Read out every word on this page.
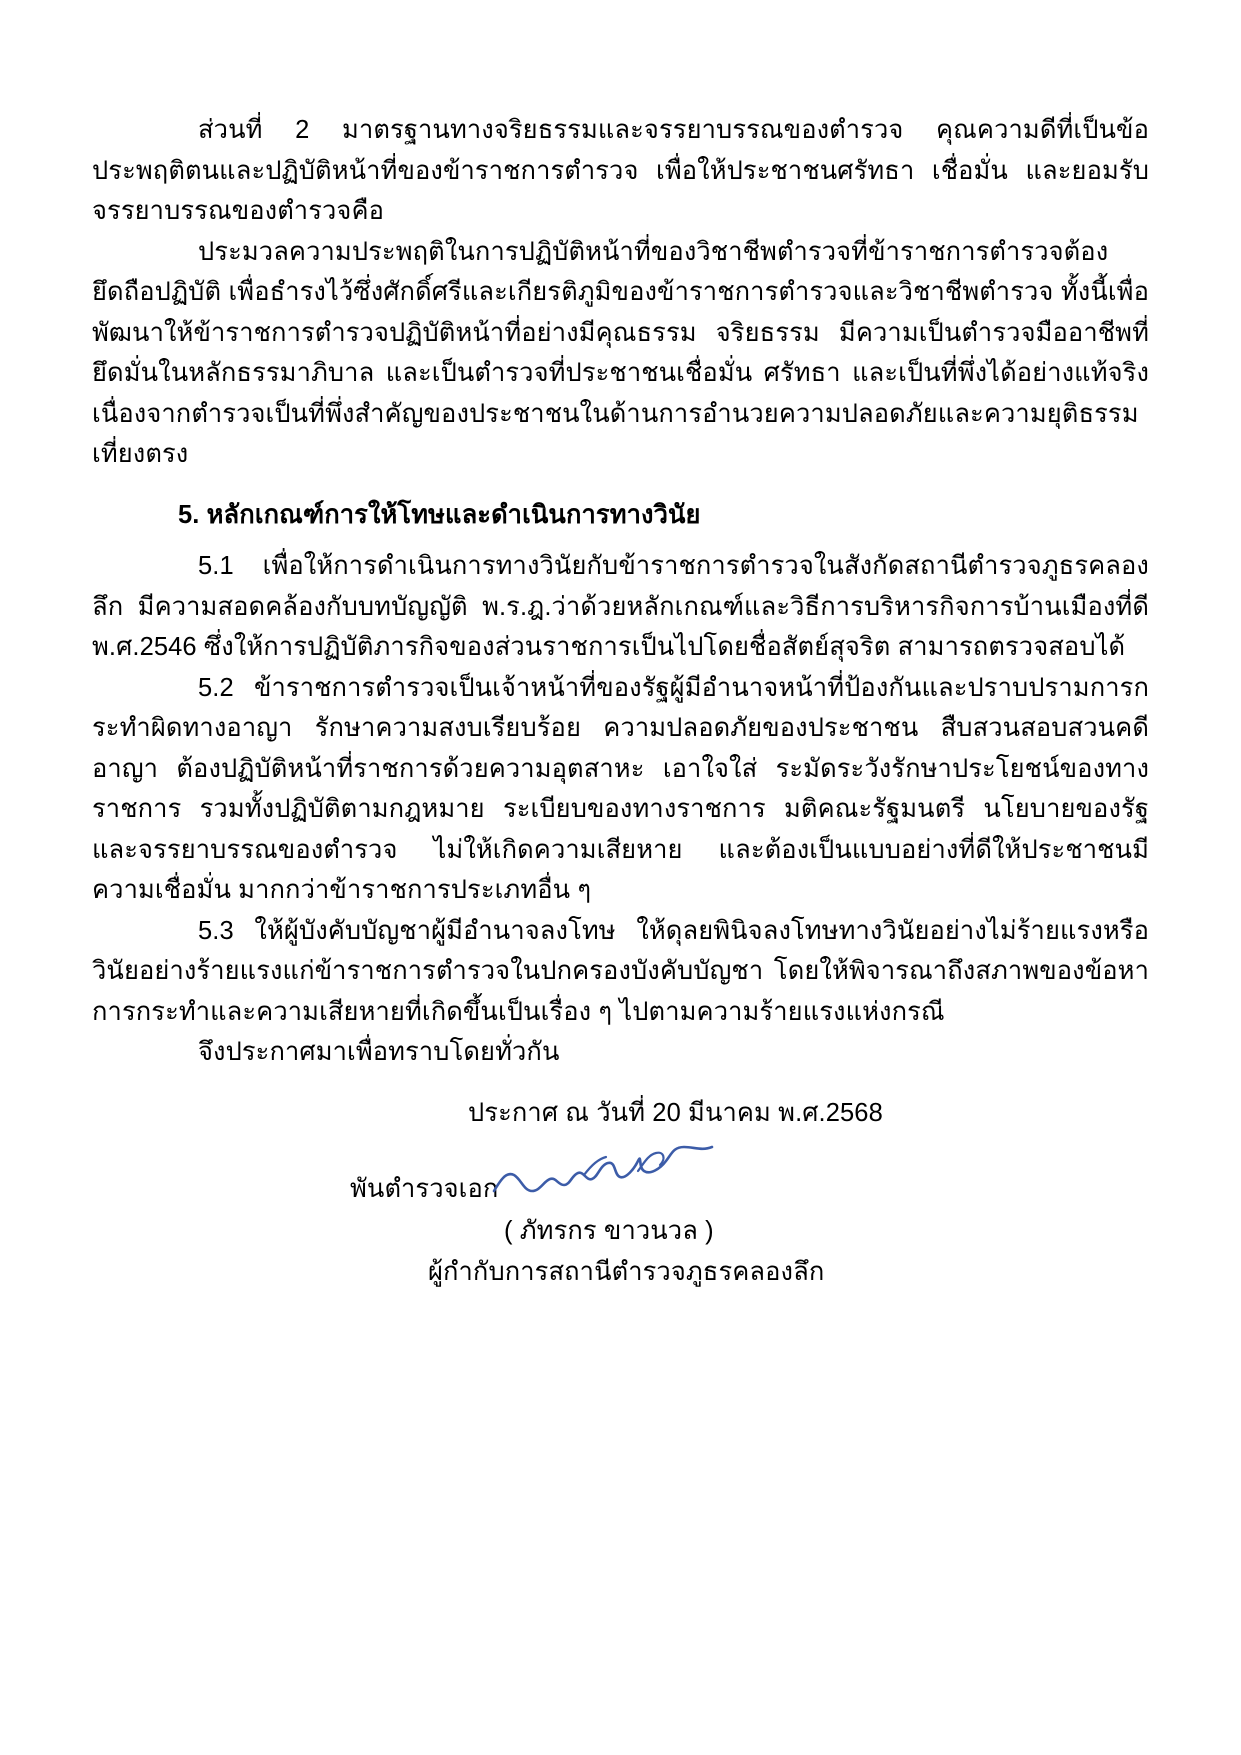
ส่วนที่ 2 มาตรฐานทางจริยธรรมและจรรยาบรรณของตำรวจ คุณความดีที่เป็นข้อประพฤติตนและปฏิบัติหน้าที่ของข้าราชการตำรวจ เพื่อให้ประชาชนศรัทธา เชื่อมั่น และยอมรับ จรรยาบรรณของตำรวจคือ

ประมวลความประพฤติในการปฏิบัติหน้าที่ของวิชาชีพตำรวจที่ข้าราชการตำรวจต้องยึดถือปฏิบัติ เพื่อธำรงไว้ซึ่งศักดิ์ศรีและเกียรติภูมิของข้าราชการตำรวจและวิชาชีพตำรวจ ทั้งนี้เพื่อพัฒนาให้ข้าราชการตำรวจปฏิบัติหน้าที่อย่างมีคุณธรรม จริยธรรม มีความเป็นตำรวจมืออาชีพที่ยึดมั่นในหลักธรรมาภิบาล และเป็นตำรวจที่ประชาชนเชื่อมั่น ศรัทธา และเป็นที่พึ่งได้อย่างแท้จริง เนื่องจากตำรวจเป็นที่พึ่งสำคัญของประชาชนในด้านการอำนวยความปลอดภัยและความยุติธรรมเที่ยงตรง

5. หลักเกณฑ์การให้โทษและดำเนินการทางวินัย

5.1 เพื่อให้การดำเนินการทางวินัยกับข้าราชการตำรวจในสังกัดสถานีตำรวจภูธรคลองลึก มีความสอดคล้องกับบทบัญญัติ พ.ร.ฎ.ว่าด้วยหลักเกณฑ์และวิธีการบริหารกิจการบ้านเมืองที่ดี พ.ศ.2546 ซึ่งให้การปฏิบัติภารกิจของส่วนราชการเป็นไปโดยชื่อสัตย์สุจริต สามารถตรวจสอบได้

5.2 ข้าราชการตำรวจเป็นเจ้าหน้าที่ของรัฐผู้มีอำนาจหน้าที่ป้องกันและปราบปรามการกระทำผิดทางอาญา รักษาความสงบเรียบร้อย ความปลอดภัยของประชาชน สืบสวนสอบสวนคดีอาญา ต้องปฏิบัติหน้าที่ราชการด้วยความอุตสาหะ เอาใจใส่ ระมัดระวังรักษาประโยชน์ของทางราชการ รวมทั้งปฏิบัติตามกฎหมาย ระเบียบของทางราชการ มติคณะรัฐมนตรี นโยบายของรัฐ และจรรยาบรรณของตำรวจ ไม่ให้เกิดความเสียหาย และต้องเป็นแบบอย่างที่ดีให้ประชาชนมีความเชื่อมั่น มากกว่าข้าราชการประเภทอื่น ๆ

5.3 ให้ผู้บังคับบัญชาผู้มีอำนาจลงโทษ ให้ดุลยพินิจลงโทษทางวินัยอย่างไม่ร้ายแรงหรือวินัยอย่างร้ายแรงแก่ข้าราชการตำรวจในปกครองบังคับบัญชา โดยให้พิจารณาถึงสภาพของข้อหา การกระทำและความเสียหายที่เกิดขึ้นเป็นเรื่อง ๆ ไปตามความร้ายแรงแห่งกรณี

จึงประกาศมาเพื่อทราบโดยทั่วกัน

ประกาศ ณ วันที่ 20 มีนาคม พ.ศ.2568

พันตำรวจเอก

( ภัทรกร ขาวนวล )

ผู้กำกับการสถานีตำรวจภูธรคลองลึก
